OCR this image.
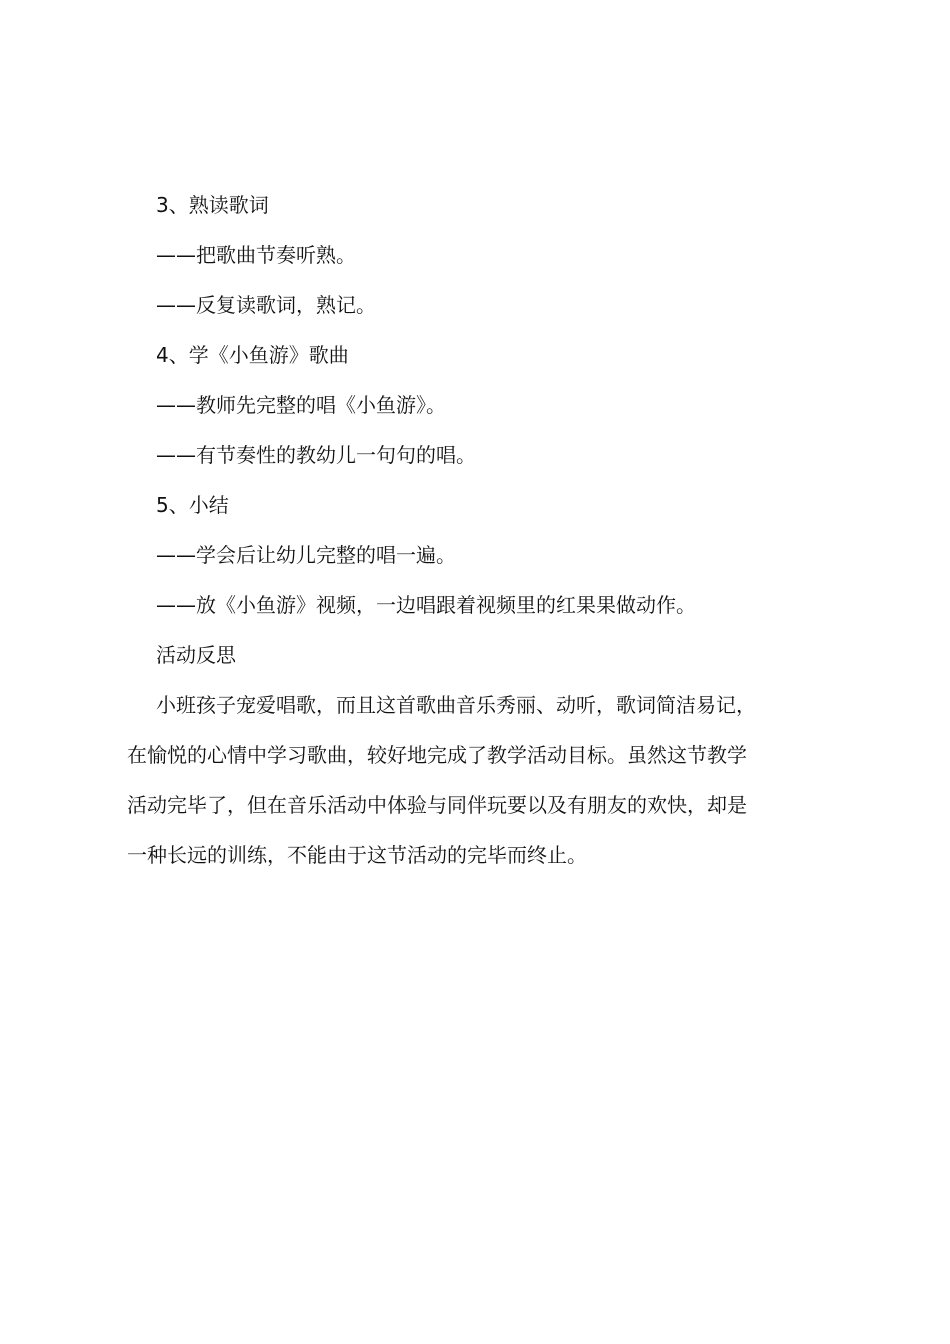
3、熟读歌词
——把歌曲节奏听熟。
——反复读歌词，熟记。
4、学《小鱼游》歌曲
——教师先完整的唱《小鱼游》。
——有节奏性的教幼儿一句句的唱。
5、小结
——学会后让幼儿完整的唱一遍。
——放《小鱼游》视频，一边唱跟着视频里的红果果做动作。
活动反思
小班孩子宠爱唱歌，而且这首歌曲音乐秀丽、动听，歌词简洁易记，
在愉悦的心情中学习歌曲，较好地完成了教学活动目标。虽然这节教学
活动完毕了，但在音乐活动中体验与同伴玩要以及有朋友的欢快，却是
一种长远的训练，不能由于这节活动的完毕而终止。
